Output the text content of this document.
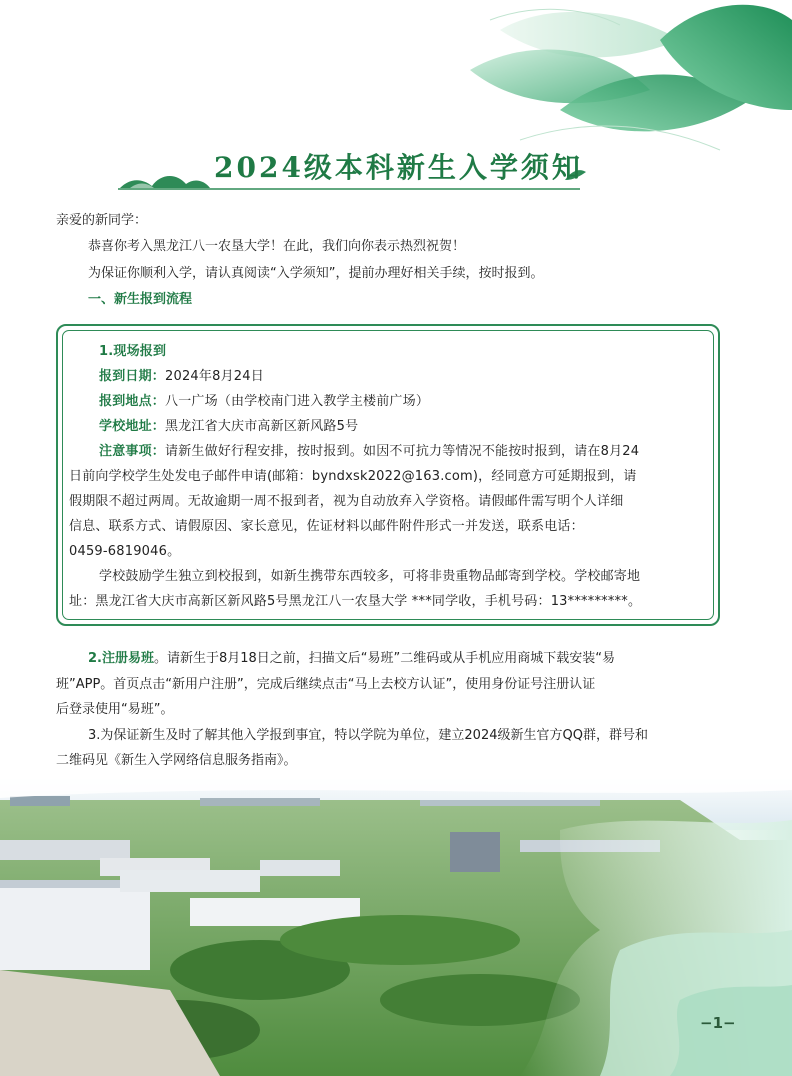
2024级本科新生入学须知
亲爱的新同学：
恭喜你考入黑龙江八一农垦大学！在此，我们向你表示热烈祝贺！
为保证你顺利入学，请认真阅读“入学须知”，提前办理好相关手续，按时报到。
一、新生报到流程
1.现场报到
报到日期：2024年8月24日
报到地点：八一广场（由学校南门进入教学主楼前广场）
学校地址：黑龙江省大庆市高新区新风路5号
注意事项：请新生做好行程安排，按时报到。如因不可抗力等情况不能按时报到，请在8月24
日前向学校学生处发电子邮件申请(邮箱：byndxsk2022@163.com)，经同意方可延期报到，请
假期限不超过两周。无故逾期一周不报到者，视为自动放弃入学资格。请假邮件需写明个人详细
信息、联系方式、请假原因、家长意见，佐证材料以邮件附件形式一并发送，联系电话：
0459-6819046。
学校鼓励学生独立到校报到，如新生携带东西较多，可将非贵重物品邮寄到学校。学校邮寄地
址：黑龙江省大庆市高新区新风路5号黑龙江八一农垦大学 ***同学收，手机号码：13*********。
2.注册易班。请新生于8月18日之前，扫描文后“易班”二维码或从手机应用商城下载安装“易
班”APP。首页点击“新用户注册”，完成后继续点击“马上去校方认证”，使用身份证号注册认证
后登录使用“易班”。
3.为保证新生及时了解其他入学报到事宜，特以学院为单位，建立2024级新生官方QQ群，群号和
二维码见《新生入学网络信息服务指南》。
−1−
